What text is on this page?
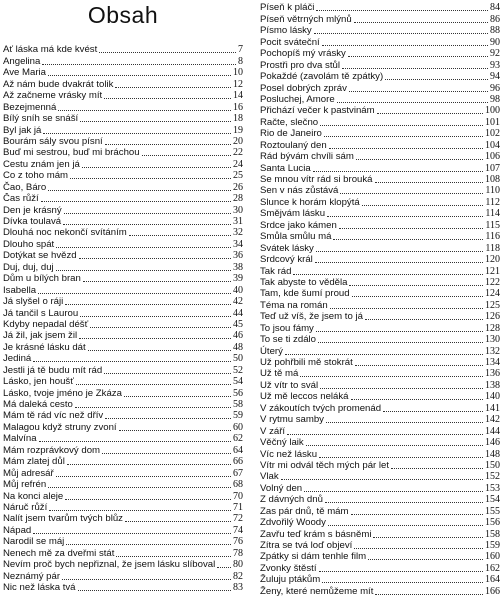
Obsah
Ať láska má kde kvést	7
Angelina	8
Ave Maria	10
Až nám bude dvakrát tolik	12
Až začneme vrásky mít	14
Bezejmenná	16
Bílý sníh se snáší	18
Byl jak já	19
Bourám sály svou písní	20
Buď mi sestrou, buď mi bráchou	22
Cestu znám jen já	24
Co z toho mám	25
Čao, Báro	26
Čas růží	28
Den je krásný	30
Dívka toulavá	31
Dlouhá noc nekončí svítáním	32
Dlouho spát	34
Dotýkat se hvězd	36
Duj, duj, duj	38
Dům u bílých bran	39
Isabella	40
Já slyšel o ráji	42
Já tančil s Laurou	44
Kdyby nepadal déšť	45
Já žil, jak jsem žil	46
Je krásné lásku dát	48
Jediná	50
Jestli já tě budu mít rád	52
Lásko, jen houšť	54
Lásko, tvoje jméno je Zkáza	56
Má daleká cesto	58
Mám tě rád víc než dřív	59
Malagou když struny zvoní	60
Malvína	62
Mám rozprávkový dom	64
Mám zlatej důl	66
Můj adresář	67
Můj refrén	68
Na konci aleje	70
Náruč růží	71
Nalít jsem tvarům tvých blůz	72
Nápad	74
Narodil se máj	76
Nenech mě za dveřmi stát	78
Nevím proč bych nepřiznal, že jsem lásku slíboval 80
Neznámý pár	82
Nic než láska tvá	83
Píseň k pláči	84
Píseň větrných mlýnů	86
Písmo lásky	88
Pocit sváteční	90
Pochopíš mý vrásky	92
Prostři pro dva stůl	93
Pokaždé (zavolám tě zpátky)	94
Posel dobrých zpráv	96
Posluchej, Amore	98
Přichází večer k pastvinám	100
Račte, slečno	101
Rio de Janeiro	102
Roztoulaný den	104
Rád bývám chvíli sám	106
Santa Lucia	107
Se mnou vítr rád si brouká	108
Sen v nás zůstává	110
Slunce k horám klopýtá	112
Smějvám lásku	114
Srdce jako kámen	115
Smůla smůlu má	116
Svátek lásky	118
Srdcový král	120
Tak rád	121
Tak abyste to věděla	122
Tam, kde šumí proud	124
Téma na román	125
Teď už víš, že jsem to já	126
To jsou fámy	128
To se ti zdálo	130
Úterý	132
Už pohřbili mě stokrát	134
Už tě má	136
Už vítr to svál	138
Už mě leccos neláká	140
V zákoutích tvých promenád	141
V rytmu samby	142
V září	144
Věčný laik	146
Víc než lásku	148
Vítr mi odvál těch mých pár let	150
Vlak	152
Volný den	153
Z dávných dnů	154
Zas pár dnů, tě mám	155
Zdvořilý Woody	156
Zavřu teď krám s básněmi	158
Zítra se tvá loď objeví	159
Zpátky si dám tenhle film	160
Zvonky štěstí	162
Žuluju ptákům	164
Ženy, které nemůžeme mít	166
